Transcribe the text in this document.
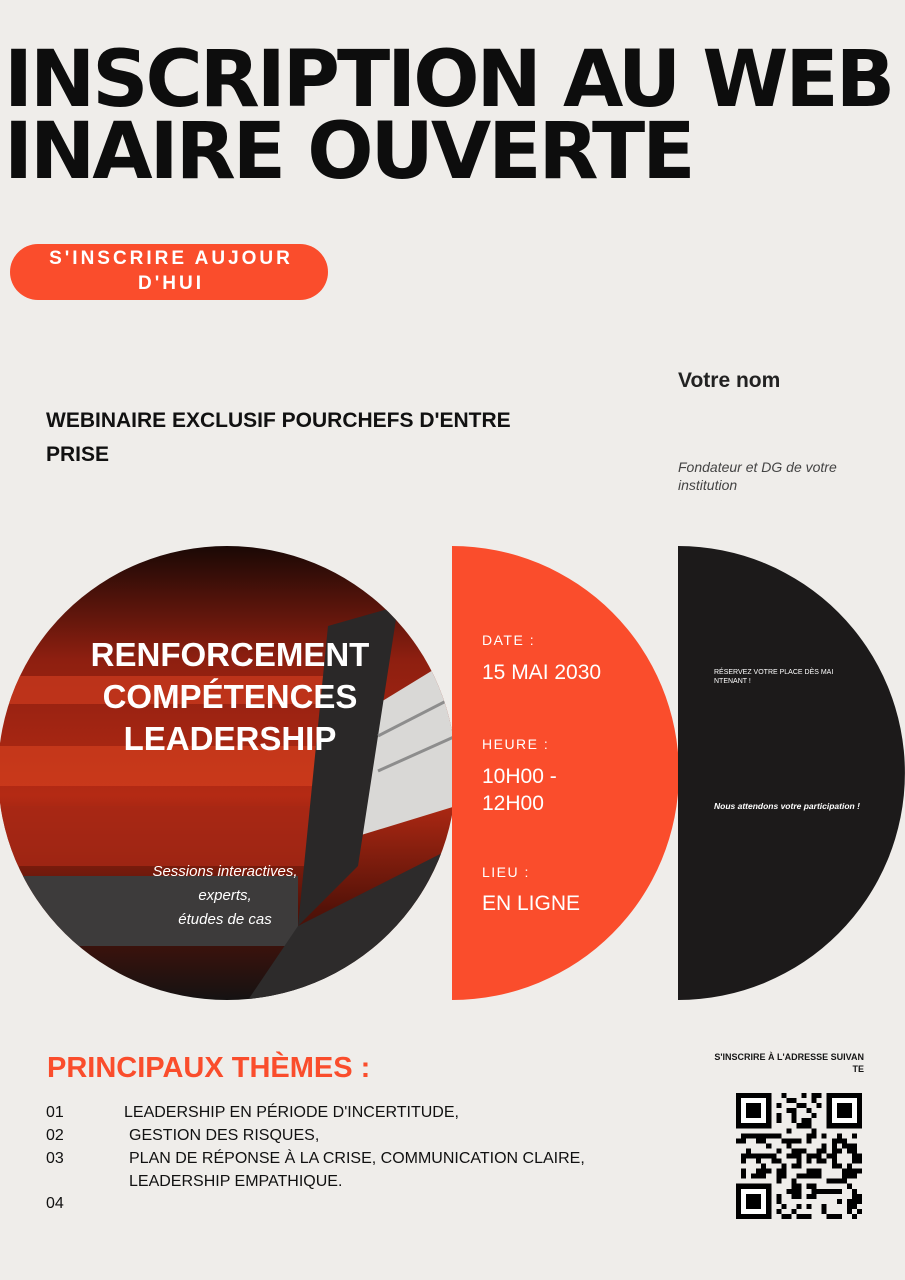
INSCRIPTION AU WEBINAIRE OUVERTE
S'INSCRIRE AUJOURD'HUI
WEBINAIRE EXCLUSIF POURCHEFS D'ENTREPRISE
Votre nom
Fondateur et DG de votre institution
RENFORCEMENT COMPÉTENCES LEADERSHIP
Sessions interactives,
experts,
études de cas
DATE :
15 MAI 2030
HEURE :
10H00 -
12H00
LIEU :
EN LIGNE
RÉSERVEZ VOTRE PLACE DÈS MAINTENANT !
Nous attendons votre participation !
PRINCIPAUX THÈMES :
01
02
03
04
LEADERSHIP EN PÉRIODE D'INCERTITUDE,
GESTION DES RISQUES,
PLAN DE RÉPONSE À LA CRISE, COMMUNICATION CLAIRE,
LEADERSHIP EMPATHIQUE.
S'INSCRIRE À L'ADRESSE SUIVANTE
